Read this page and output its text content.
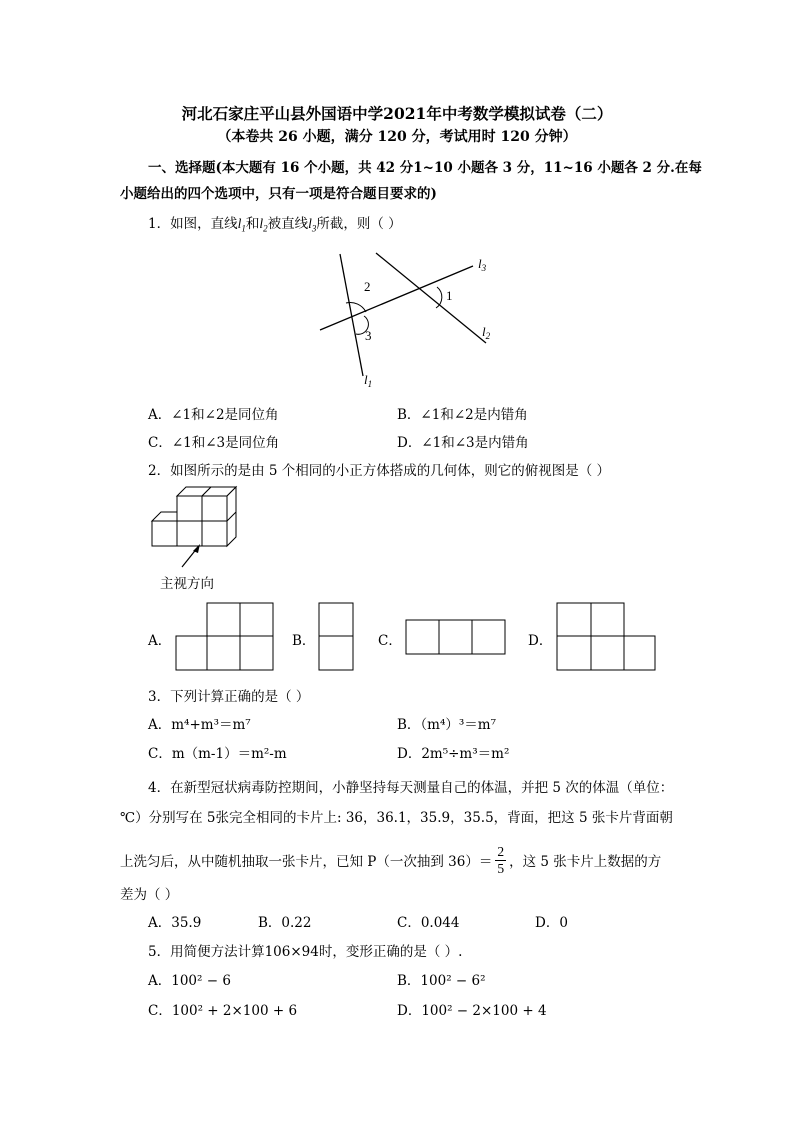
河北石家庄平山县外国语中学2021年中考数学模拟试卷（二）
（本卷共 26 小题，满分 120 分，考试用时 120 分钟）
一、选择题(本大题有 16 个小题，共 42 分1~10 小题各 3 分，11~16 小题各 2 分.在每
小题给出的四个选项中，只有一项是符合题目要求的)
1．如图，直线$l_1$和$l_2$被直线$l_3$所截，则（ ）
2
1
3
$l_3$
$l_2$
$l_1$
A．∠1和∠2是同位角	B．∠1和∠2是内错角
C．∠1和∠3是同位角	D．∠1和∠3是内错角
2．如图所示的是由 5 个相同的小正方体搭成的几何体，则它的俯视图是（ ）
主视方向
A．	B．	C．	D．
3．下列计算正确的是（ ）
A．m⁴+m³＝m⁷	B．（m⁴）³＝m⁷
C．m（m-1）＝m²-m	D．2m⁵÷m³＝m²
4．在新型冠状病毒防控期间，小静坚持每天测量自己的体温，并把 5 次的体温（单位：
℃）分别写在 5张完全相同的卡片上: 36，36.1，35.9，35.5，背面，把这 5 张卡片背面朝
上洗匀后，从中随机抽取一张卡片，已知 P（一次抽到 $36)= \frac{2}{5}$ ，这 5 张卡片上数据的方
差为（ ）
A．35.9	B．0.22	C．0.044	D．0
5．用简便方法计算106×94时，变形正确的是（ ）.
A．100² − 6	B．100² − 6²
C．100² + 2×100 + 6	D．100² − 2×100 + 4
